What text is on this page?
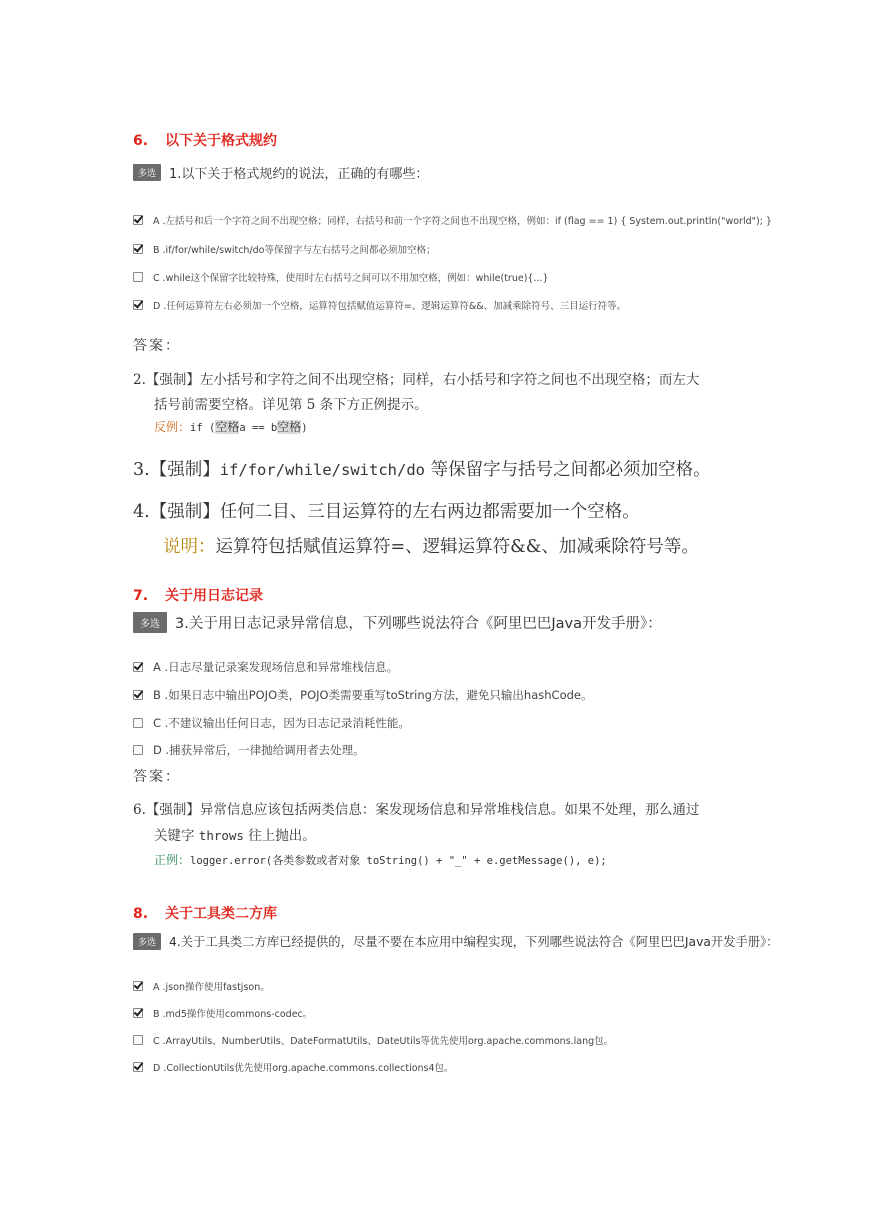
6. 以下关于格式规约
多选 1.以下关于格式规约的说法，正确的有哪些：
A .左括号和后一个字符之间不出现空格；同样，右括号和前一个字符之间也不出现空格，例如：if (flag == 1) { System.out.println("world"); }
B .if/for/while/switch/do等保留字与左右括号之间都必须加空格；
C .while这个保留字比较特殊，使用时左右括号之间可以不用加空格，例如：while(true){...}
D .任何运算符左右必须加一个空格，运算符包括赋值运算符=、逻辑运算符&&、加减乘除符号、三目运行符等。
答案：
2.【强制】左小括号和字符之间不出现空格；同样，右小括号和字符之间也不出现空格；而左大
括号前需要空格。详见第 5 条下方正例提示。
反例：if (空格a == b空格)
3.【强制】if/for/while/switch/do 等保留字与括号之间都必须加空格。
4.【强制】任何二目、三目运算符的左右两边都需要加一个空格。
说明：运算符包括赋值运算符=、逻辑运算符&&、加减乘除符号等。
7. 关于用日志记录
多选 3.关于用日志记录异常信息，下列哪些说法符合《阿里巴巴Java开发手册》：
A .日志尽量记录案发现场信息和异常堆栈信息。
B .如果日志中输出POJO类，POJO类需要重写toString方法，避免只输出hashCode。
C .不建议输出任何日志，因为日志记录消耗性能。
D .捕获异常后，一律抛给调用者去处理。
答案：
6.【强制】异常信息应该包括两类信息：案发现场信息和异常堆栈信息。如果不处理，那么通过
关键字 throws 往上抛出。
正例：logger.error(各类参数或者对象 toString() + "_" + e.getMessage(), e);
8. 关于工具类二方库
多选 4.关于工具类二方库已经提供的，尽量不要在本应用中编程实现，下列哪些说法符合《阿里巴巴Java开发手册》：
A .json操作使用fastjson。
B .md5操作使用commons-codec。
C .ArrayUtils、NumberUtils、DateFormatUtils、DateUtils等优先使用org.apache.commons.lang包。
D .CollectionUtils优先使用org.apache.commons.collections4包。
